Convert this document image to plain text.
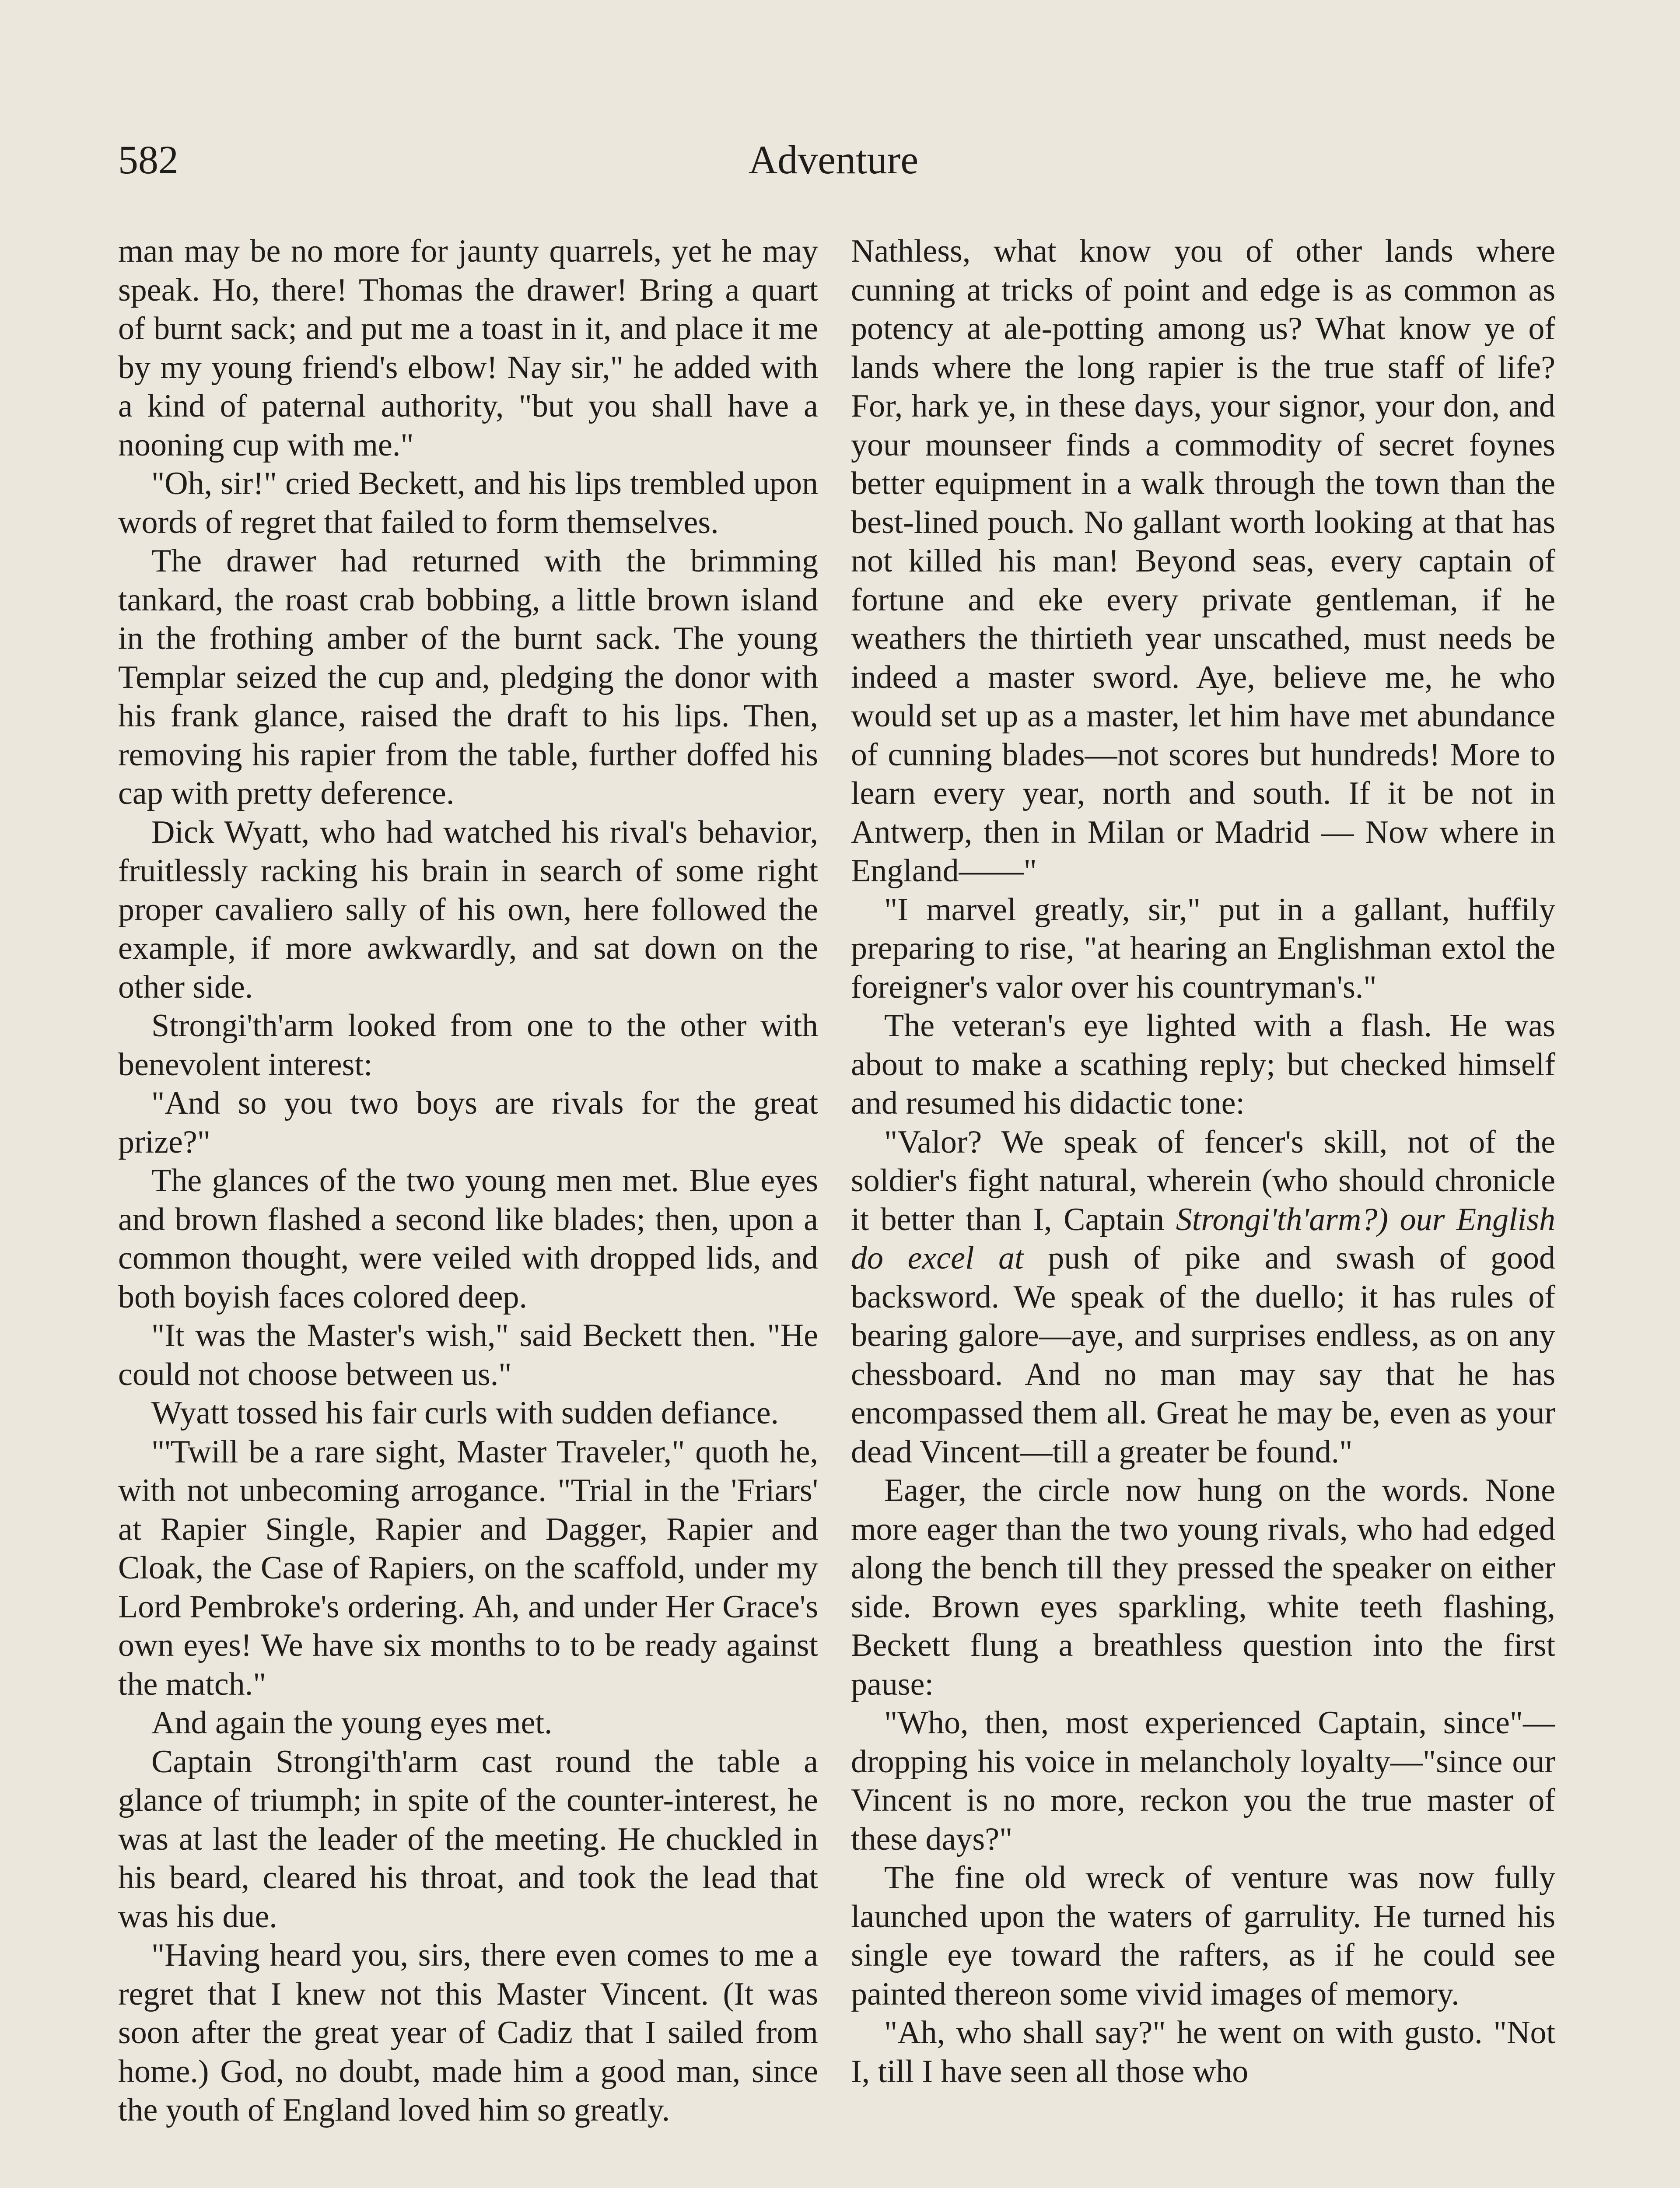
582	Adventure

man may be no more for jaunty quarrels, yet he may speak. Ho, there! Thomas the drawer! Bring a quart of burnt sack; and put me a toast in it, and place it me by my young friend's elbow! Nay sir," he added with a kind of paternal authority, "but you shall have a nooning cup with me."

"Oh, sir!" cried Beckett, and his lips trembled upon words of regret that failed to form themselves.

The drawer had returned with the brimming tankard, the roast crab bobbing, a little brown island in the frothing amber of the burnt sack. The young Templar seized the cup and, pledging the donor with his frank glance, raised the draft to his lips. Then, removing his rapier from the table, further doffed his cap with pretty deference.

Dick Wyatt, who had watched his rival's behavior, fruitlessly racking his brain in search of some right proper cavaliero sally of his own, here followed the example, if more awkwardly, and sat down on the other side.

Strongi'th'arm looked from one to the other with benevolent interest:

"And so you two boys are rivals for the great prize?"

The glances of the two young men met. Blue eyes and brown flashed a second like blades; then, upon a common thought, were veiled with dropped lids, and both boyish faces colored deep.

"It was the Master's wish," said Beckett then. "He could not choose between us."

Wyatt tossed his fair curls with sudden defiance.

"'Twill be a rare sight, Master Traveler," quoth he, with not unbecoming arrogance. "Trial in the 'Friars' at Rapier Single, Rapier and Dagger, Rapier and Cloak, the Case of Rapiers, on the scaffold, under my Lord Pembroke's ordering. Ah, and under Her Grace's own eyes! We have six months to to be ready against the match."

And again the young eyes met.

Captain Strongi'th'arm cast round the table a glance of triumph; in spite of the counter-interest, he was at last the leader of the meeting. He chuckled in his beard, cleared his throat, and took the lead that was his due.

"Having heard you, sirs, there even comes to me a regret that I knew not this Master Vincent. (It was soon after the great year of Cadiz that I sailed from home.) God, no doubt, made him a good man, since the youth of England loved him so greatly.

Nathless, what know you of other lands where cunning at tricks of point and edge is as common as potency at ale-potting among us? What know ye of lands where the long rapier is the true staff of life? For, hark ye, in these days, your signor, your don, and your mounseer finds a commodity of secret foynes better equipment in a walk through the town than the best-lined pouch. No gallant worth looking at that has not killed his man! Beyond seas, every captain of fortune and eke every private gentleman, if he weathers the thirtieth year unscathed, must needs be indeed a master sword. Aye, believe me, he who would set up as a master, let him have met abundance of cunning blades—not scores but hundreds! More to learn every year, north and south. If it be not in Antwerp, then in Milan or Madrid — Now where in England——"

"I marvel greatly, sir," put in a gallant, huffily preparing to rise, "at hearing an Englishman extol the foreigner's valor over his countryman's."

The veteran's eye lighted with a flash. He was about to make a scathing reply; but checked himself and resumed his didactic tone:

"Valor? We speak of fencer's skill, not of the soldier's fight natural, wherein (who should chronicle it better than I, Captain Strongi'th'arm?) our English do excel at push of pike and swash of good backsword. We speak of the duello; it has rules of bearing galore—aye, and surprises endless, as on any chessboard. And no man may say that he has encompassed them all. Great he may be, even as your dead Vincent—till a greater be found."

Eager, the circle now hung on the words. None more eager than the two young rivals, who had edged along the bench till they pressed the speaker on either side. Brown eyes sparkling, white teeth flashing, Beckett flung a breathless question into the first pause:

"Who, then, most experienced Captain, since"—dropping his voice in melancholy loyalty—"since our Vincent is no more, reckon you the true master of these days?"

The fine old wreck of venture was now fully launched upon the waters of garrulity. He turned his single eye toward the rafters, as if he could see painted thereon some vivid images of memory.

"Ah, who shall say?" he went on with gusto. "Not I, till I have seen all those who
